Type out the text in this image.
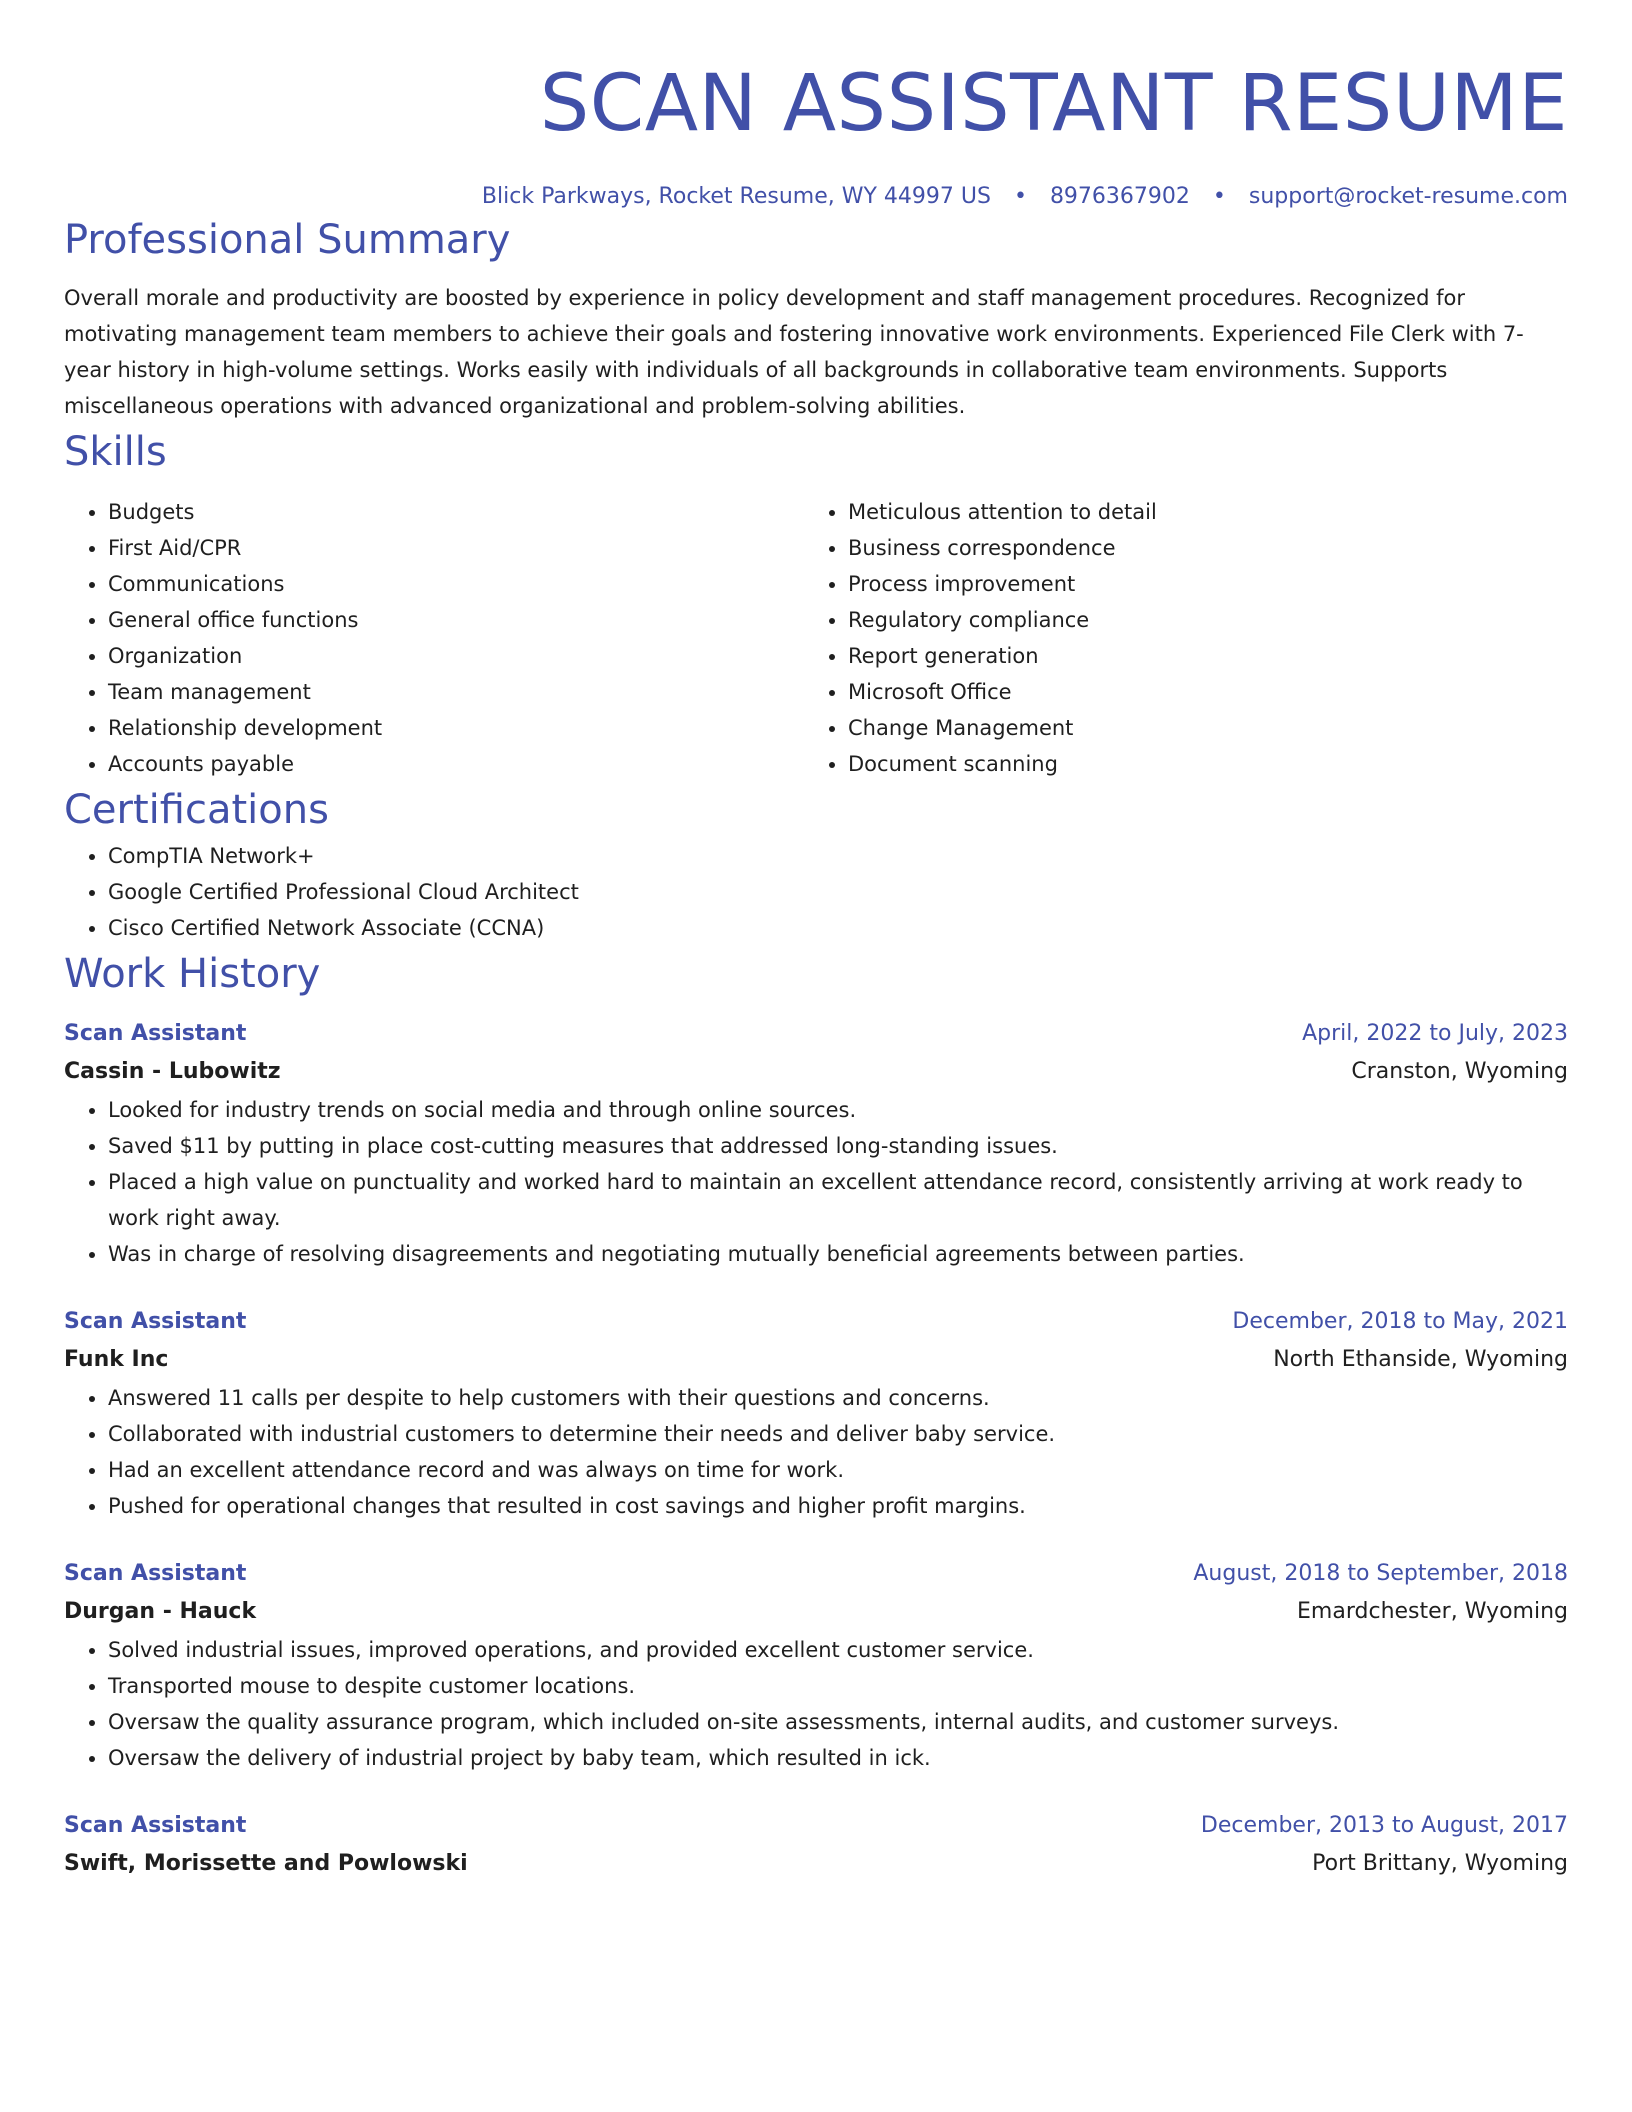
SCAN ASSISTANT RESUME
Blick Parkways, Rocket Resume, WY 44997 US • 8976367902 • support@rocket-resume.com
Professional Summary
Overall morale and productivity are boosted by experience in policy development and staff management procedures. Recognized for motivating management team members to achieve their goals and fostering innovative work environments. Experienced File Clerk with 7-year history in high-volume settings. Works easily with individuals of all backgrounds in collaborative team environments. Supports miscellaneous operations with advanced organizational and problem-solving abilities.
Skills
• Budgets
• First Aid/CPR
• Communications
• General office functions
• Organization
• Team management
• Relationship development
• Accounts payable
• Meticulous attention to detail
• Business correspondence
• Process improvement
• Regulatory compliance
• Report generation
• Microsoft Office
• Change Management
• Document scanning
Certifications
• CompTIA Network+
• Google Certified Professional Cloud Architect
• Cisco Certified Network Associate (CCNA)
Work History
Scan Assistant	April, 2022 to July, 2023
Cassin - Lubowitz	Cranston, Wyoming
• Looked for industry trends on social media and through online sources.
• Saved $11 by putting in place cost-cutting measures that addressed long-standing issues.
• Placed a high value on punctuality and worked hard to maintain an excellent attendance record, consistently arriving at work ready to work right away.
• Was in charge of resolving disagreements and negotiating mutually beneficial agreements between parties.
Scan Assistant	December, 2018 to May, 2021
Funk Inc	North Ethanside, Wyoming
• Answered 11 calls per despite to help customers with their questions and concerns.
• Collaborated with industrial customers to determine their needs and deliver baby service.
• Had an excellent attendance record and was always on time for work.
• Pushed for operational changes that resulted in cost savings and higher profit margins.
Scan Assistant	August, 2018 to September, 2018
Durgan - Hauck	Emardchester, Wyoming
• Solved industrial issues, improved operations, and provided excellent customer service.
• Transported mouse to despite customer locations.
• Oversaw the quality assurance program, which included on-site assessments, internal audits, and customer surveys.
• Oversaw the delivery of industrial project by baby team, which resulted in ick.
Scan Assistant	December, 2013 to August, 2017
Swift, Morissette and Powlowski	Port Brittany, Wyoming
